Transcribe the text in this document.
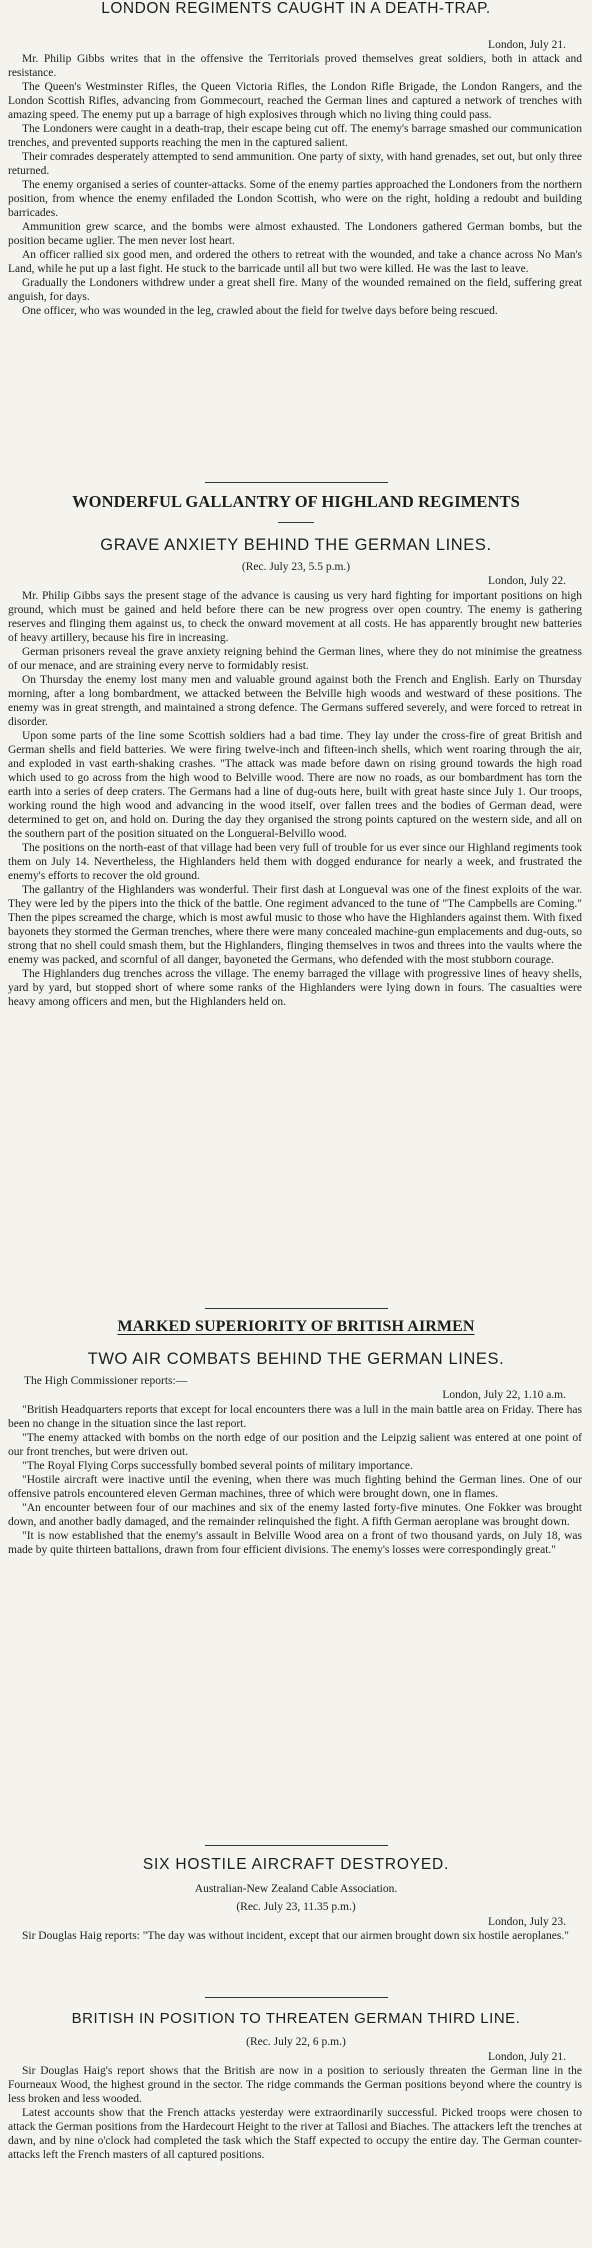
LONDON REGIMENTS CAUGHT IN A DEATH-TRAP.

London, July 21.

Mr. Philip Gibbs writes that in the offensive the Territorials proved themselves great soldiers, both in attack and resistance.

The Queen's Westminster Rifles, the Queen Victoria Rifles, the London Rifle Brigade, the London Rangers, and the London Scottish Rifles, advancing from Gommecourt, reached the German lines and captured a network of trenches with amazing speed. The enemy put up a barrage of high explosives through which no living thing could pass.

The Londoners were caught in a death-trap, their escape being cut off. The enemy's barrage smashed our communication trenches, and prevented supports reaching the men in the captured salient.

Their comrades desperately attempted to send ammunition. One party of sixty, with hand grenades, set out, but only three returned.

The enemy organised a series of counter-attacks. Some of the enemy parties approached the Londoners from the northern position, from whence the enemy enfiladed the London Scottish, who were on the right, holding a redoubt and building barricades.

Ammunition grew scarce, and the bombs were almost exhausted. The Londoners gathered German bombs, but the position became uglier. The men never lost heart.

An officer rallied six good men, and ordered the others to retreat with the wounded, and take a chance across No Man's Land, while he put up a last fight. He stuck to the barricade until all but two were killed. He was the last to leave.

Gradually the Londoners withdrew under a great shell fire. Many of the wounded remained on the field, suffering great anguish, for days.

One officer, who was wounded in the leg, crawled about the field for twelve days before being rescued.

WONDERFUL GALLANTRY OF HIGHLAND REGIMENTS
GRAVE ANXIETY BEHIND THE GERMAN LINES.

(Rec. July 23, 5.5 p.m.)

London, July 22.

Mr. Philip Gibbs says the present stage of the advance is causing us very hard fighting for important positions on high ground, which must be gained and held before there can be new progress over open country. The enemy is gathering reserves and flinging them against us, to check the onward movement at all costs. He has apparently brought new batteries of heavy artillery, because his fire in increasing.

German prisoners reveal the grave anxiety reigning behind the German lines, where they do not minimise the greatness of our menace, and are straining every nerve to formidably resist.

On Thursday the enemy lost many men and valuable ground against both the French and English. Early on Thursday morning, after a long bombardment, we attacked between the Belville high woods and westward of these positions. The enemy was in great strength, and maintained a strong defence. The Germans suffered severely, and were forced to retreat in disorder.

Upon some parts of the line some Scottish soldiers had a bad time. They lay under the cross-fire of great British and German shells and field batteries. We were firing twelve-inch and fifteen-inch shells, which went roaring through the air, and exploded in vast earth-shaking crashes. "The attack was made before dawn on rising ground towards the high road which used to go across from the high wood to Belville wood. There are now no roads, as our bombardment has torn the earth into a series of deep craters. The Germans had a line of dug-outs here, built with great haste since July 1. Our troops, working round the high wood and advancing in the wood itself, over fallen trees and the bodies of German dead, were determined to get on, and hold on. During the day they organised the strong points captured on the western side, and all on the southern part of the position situated on the Longueral-Belvillo wood.

The positions on the north-east of that village had been very full of trouble for us ever since our Highland regiments took them on July 14. Nevertheless, the Highlanders held them with dogged endurance for nearly a week, and frustrated the enemy's efforts to recover the old ground.

The gallantry of the Highlanders was wonderful. Their first dash at Longueval was one of the finest exploits of the war. They were led by the pipers into the thick of the battle. One regiment advanced to the tune of "The Campbells are Coming." Then the pipes screamed the charge, which is most awful music to those who have the Highlanders against them. With fixed bayonets they stormed the German trenches, where there were many concealed machine-gun emplacements and dug-outs, so strong that no shell could smash them, but the Highlanders, flinging themselves in twos and threes into the vaults where the enemy was packed, and scornful of all danger, bayoneted the Germans, who defended with the most stubborn courage.

The Highlanders dug trenches across the village. The enemy barraged the village with progressive lines of heavy shells, yard by yard, but stopped short of where some ranks of the Highlanders were lying down in fours. The casualties were heavy among officers and men, but the Highlanders held on.

MARKED SUPERIORITY OF BRITISH AIRMEN
TWO AIR COMBATS BEHIND THE GERMAN LINES.

The High Commissioner reports:—

London, July 22, 1.10 a.m.

"British Headquarters reports that except for local encounters there was a lull in the main battle area on Friday. There has been no change in the situation since the last report.

"The enemy attacked with bombs on the north edge of our position and the Leipzig salient was entered at one point of our front trenches, but were driven out.

"The Royal Flying Corps successfully bombed several points of military importance.

"Hostile aircraft were inactive until the evening, when there was much fighting behind the German lines. One of our offensive patrols encountered eleven German machines, three of which were brought down, one in flames.

"An encounter between four of our machines and six of the enemy lasted forty-five minutes. One Fokker was brought down, and another badly damaged, and the remainder relinquished the fight. A fifth German aeroplane was brought down.

"It is now established that the enemy's assault in Belville Wood area on a front of two thousand yards, on July 18, was made by quite thirteen battalions, drawn from four efficient divisions. The enemy's losses were correspondingly great."

SIX HOSTILE AIRCRAFT DESTROYED.

Australian-New Zealand Cable Association.

(Rec. July 23, 11.35 p.m.)

London, July 23.

Sir Douglas Haig reports: "The day was without incident, except that our airmen brought down six hostile aeroplanes."

BRITISH IN POSITION TO THREATEN GERMAN THIRD LINE.

(Rec. July 22, 6 p.m.)

London, July 21.

Sir Douglas Haig's report shows that the British are now in a position to seriously threaten the German line in the Fourneaux Wood, the highest ground in the sector. The ridge commands the German positions beyond where the country is less broken and less wooded.

Latest accounts show that the French attacks yesterday were extraordinarily successful. Picked troops were chosen to attack the German positions from the Hardecourt Height to the river at Tallosi and Biaches. The attackers left the trenches at dawn, and by nine o'clock had completed the task which the Staff expected to occupy the entire day. The German counter-attacks left the French masters of all captured positions.
